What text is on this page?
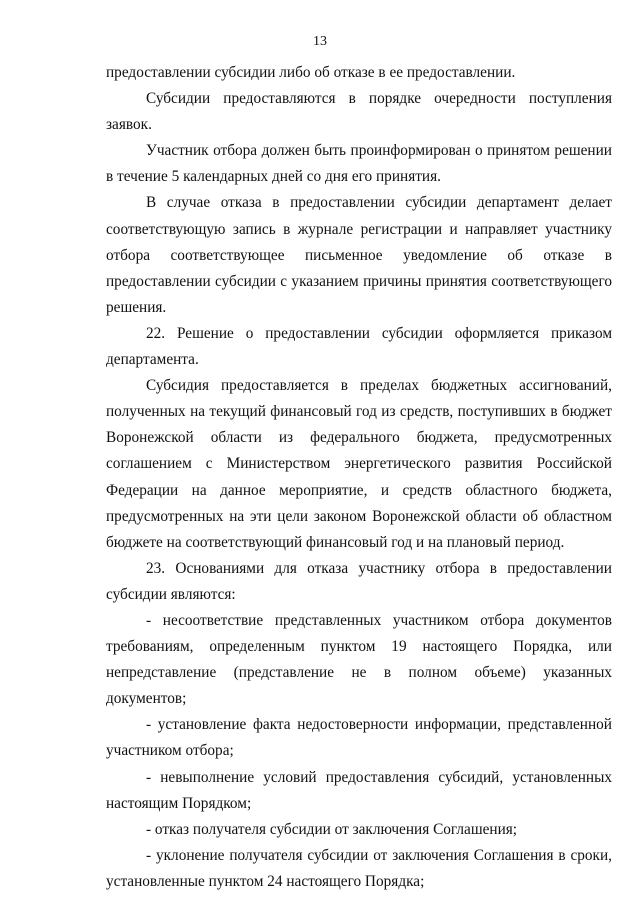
13

предоставлении субсидии либо об отказе в ее предоставлении.

Субсидии предоставляются в порядке очередности поступления заявок.

Участник отбора должен быть проинформирован о принятом решении в течение 5 календарных дней со дня его принятия.

В случае отказа в предоставлении субсидии департамент делает соответствующую запись в журнале регистрации и направляет участнику отбора соответствующее письменное уведомление об отказе в предоставлении субсидии с указанием причины принятия соответствующего решения.

22. Решение о предоставлении субсидии оформляется приказом департамента.

Субсидия предоставляется в пределах бюджетных ассигнований, полученных на текущий финансовый год из средств, поступивших в бюджет Воронежской области из федерального бюджета, предусмотренных соглашением с Министерством энергетического развития Российской Федерации на данное мероприятие, и средств областного бюджета, предусмотренных на эти цели законом Воронежской области об областном бюджете на соответствующий финансовый год и на плановый период.

23. Основаниями для отказа участнику отбора в предоставлении субсидии являются:

- несоответствие представленных участником отбора документов требованиям, определенным пунктом 19 настоящего Порядка, или непредставление (представление не в полном объеме) указанных документов;

- установление факта недостоверности информации, представленной участником отбора;

- невыполнение условий предоставления субсидий, установленных настоящим Порядком;

- отказ получателя субсидии от заключения Соглашения;

- уклонение получателя субсидии от заключения Соглашения в сроки, установленные пунктом 24 настоящего Порядка;
